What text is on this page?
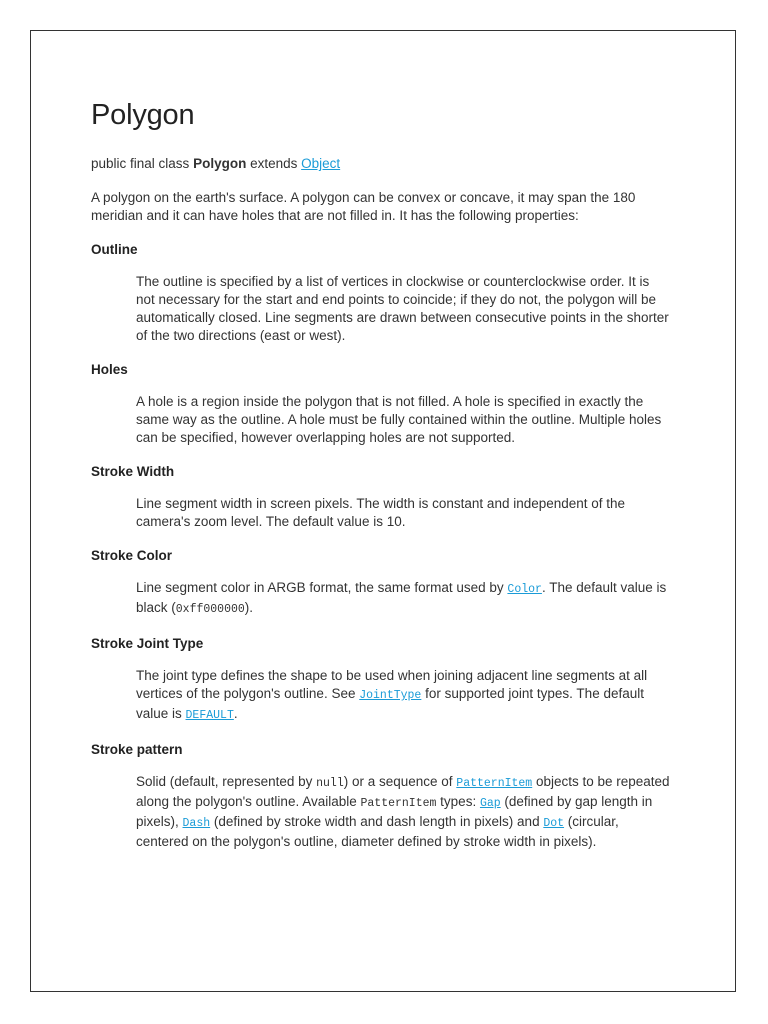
Polygon

public final class Polygon extends Object

A polygon on the earth's surface. A polygon can be convex or concave, it may span the 180 meridian and it can have holes that are not filled in. It has the following properties:

Outline

The outline is specified by a list of vertices in clockwise or counterclockwise order. It is not necessary for the start and end points to coincide; if they do not, the polygon will be automatically closed. Line segments are drawn between consecutive points in the shorter of the two directions (east or west).

Holes

A hole is a region inside the polygon that is not filled. A hole is specified in exactly the same way as the outline. A hole must be fully contained within the outline. Multiple holes can be specified, however overlapping holes are not supported.

Stroke Width

Line segment width in screen pixels. The width is constant and independent of the camera's zoom level. The default value is 10.

Stroke Color

Line segment color in ARGB format, the same format used by Color. The default value is black (0xff000000).

Stroke Joint Type

The joint type defines the shape to be used when joining adjacent line segments at all vertices of the polygon's outline. See JointType for supported joint types. The default value is DEFAULT.

Stroke pattern

Solid (default, represented by null) or a sequence of PatternItem objects to be repeated along the polygon's outline. Available PatternItem types: Gap (defined by gap length in pixels), Dash (defined by stroke width and dash length in pixels) and Dot (circular, centered on the polygon's outline, diameter defined by stroke width in pixels).
